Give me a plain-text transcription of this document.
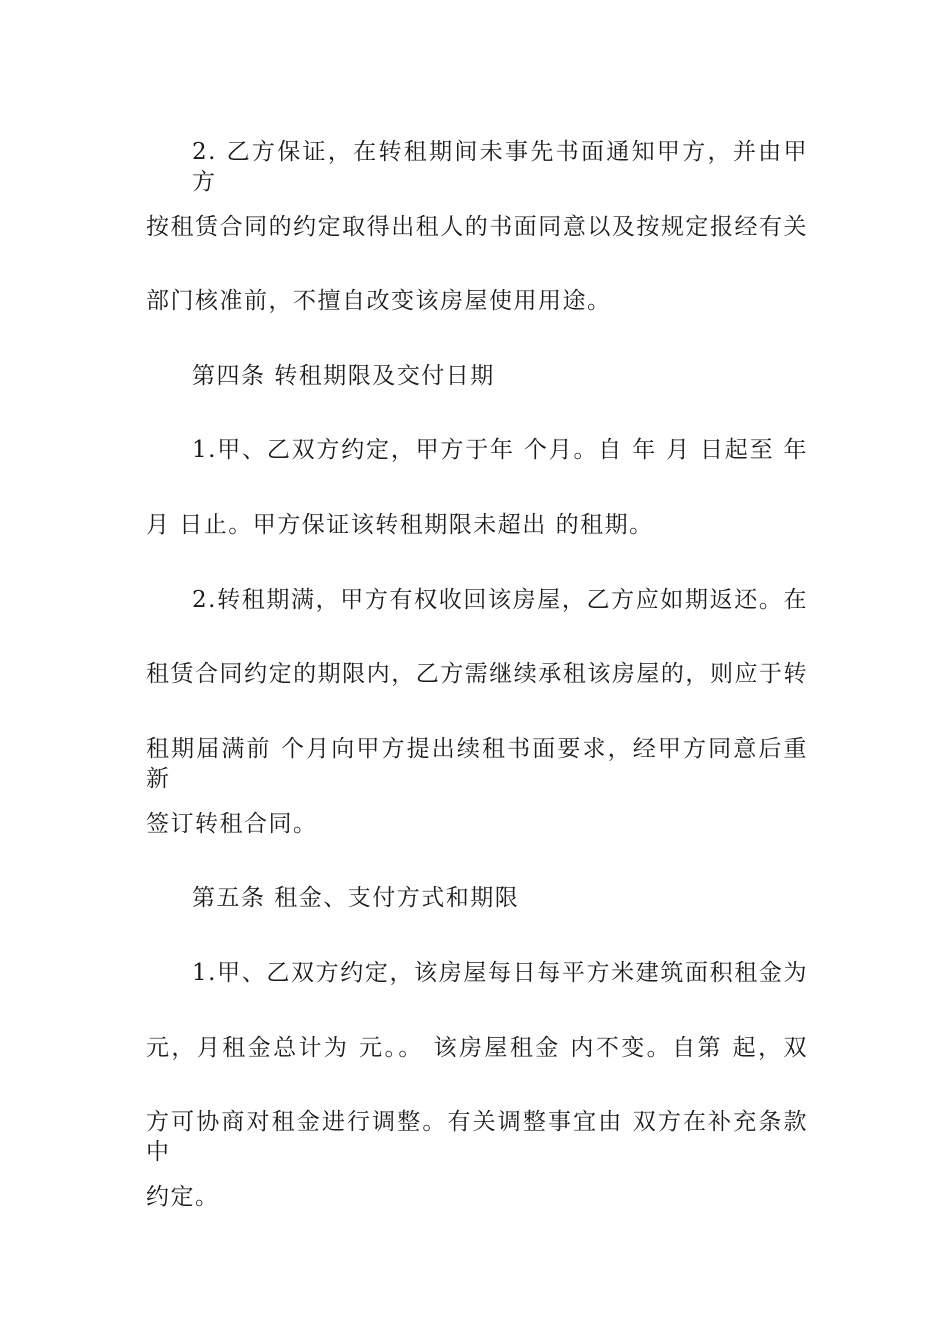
2. 乙方保证，在转租期间未事先书面通知甲方，并由甲方
按租赁合同的约定取得出租人的书面同意以及按规定报经有关
部门核准前，不擅自改变该房屋使用用途。
第四条 转租期限及交付日期
1.甲、乙双方约定，甲方于年 个月。自 年 月 日起至 年
月 日止。甲方保证该转租期限未超出 的租期。
2.转租期满，甲方有权收回该房屋，乙方应如期返还。在
租赁合同约定的期限内，乙方需继续承租该房屋的，则应于转
租期届满前 个月向甲方提出续租书面要求，经甲方同意后重新
签订转租合同。
第五条 租金、支付方式和期限
1.甲、乙双方约定，该房屋每日每平方米建筑面积租金为
元，月租金总计为 元。。 该房屋租金 内不变。自第 起，双
方可协商对租金进行调整。有关调整事宜由 双方在补充条款中
约定。
